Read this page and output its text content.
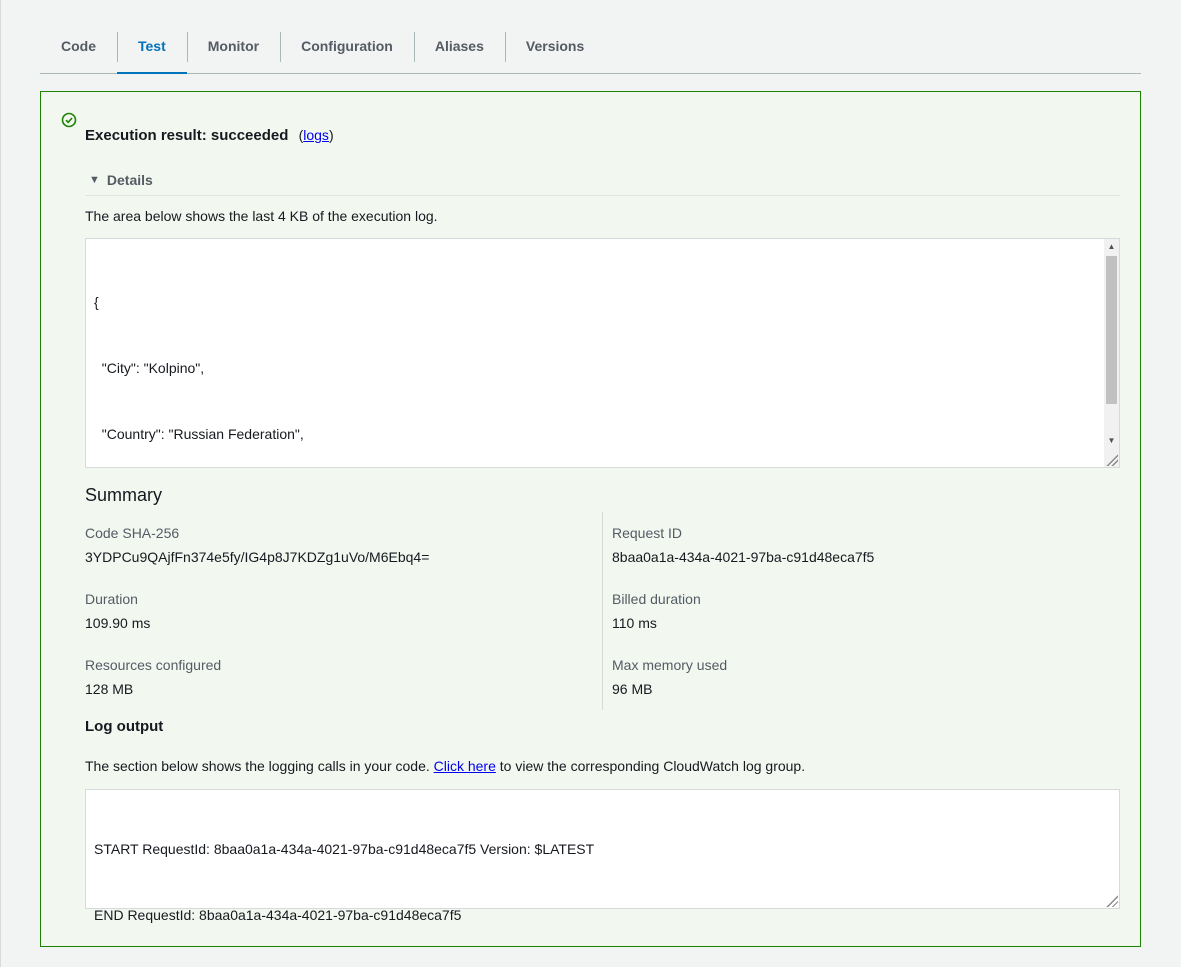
Code	Test	Monitor	Configuration	Aliases	Versions
Execution result: succeeded (logs)
▼ Details
The area below shows the last 4 KB of the execution log.

{

"City": "Kolpino",

"Country": "Russian Federation",

▲
▼
Summary
Code SHA-256
3YDPCu9QAjfFn374e5fy/IG4p8J7KDZg1uVo/M6Ebq4=
Request ID
8baa0a1a-434a-4021-97ba-c91d48eca7f5
Duration
109.90 ms
Billed duration
110 ms
Resources configured
128 MB
Max memory used
96 MB
Log output
The section below shows the logging calls in your code. Click here to view the corresponding CloudWatch log group.

START RequestId: 8baa0a1a-434a-4021-97ba-c91d48eca7f5 Version: $LATEST

END RequestId: 8baa0a1a-434a-4021-97ba-c91d48eca7f5
